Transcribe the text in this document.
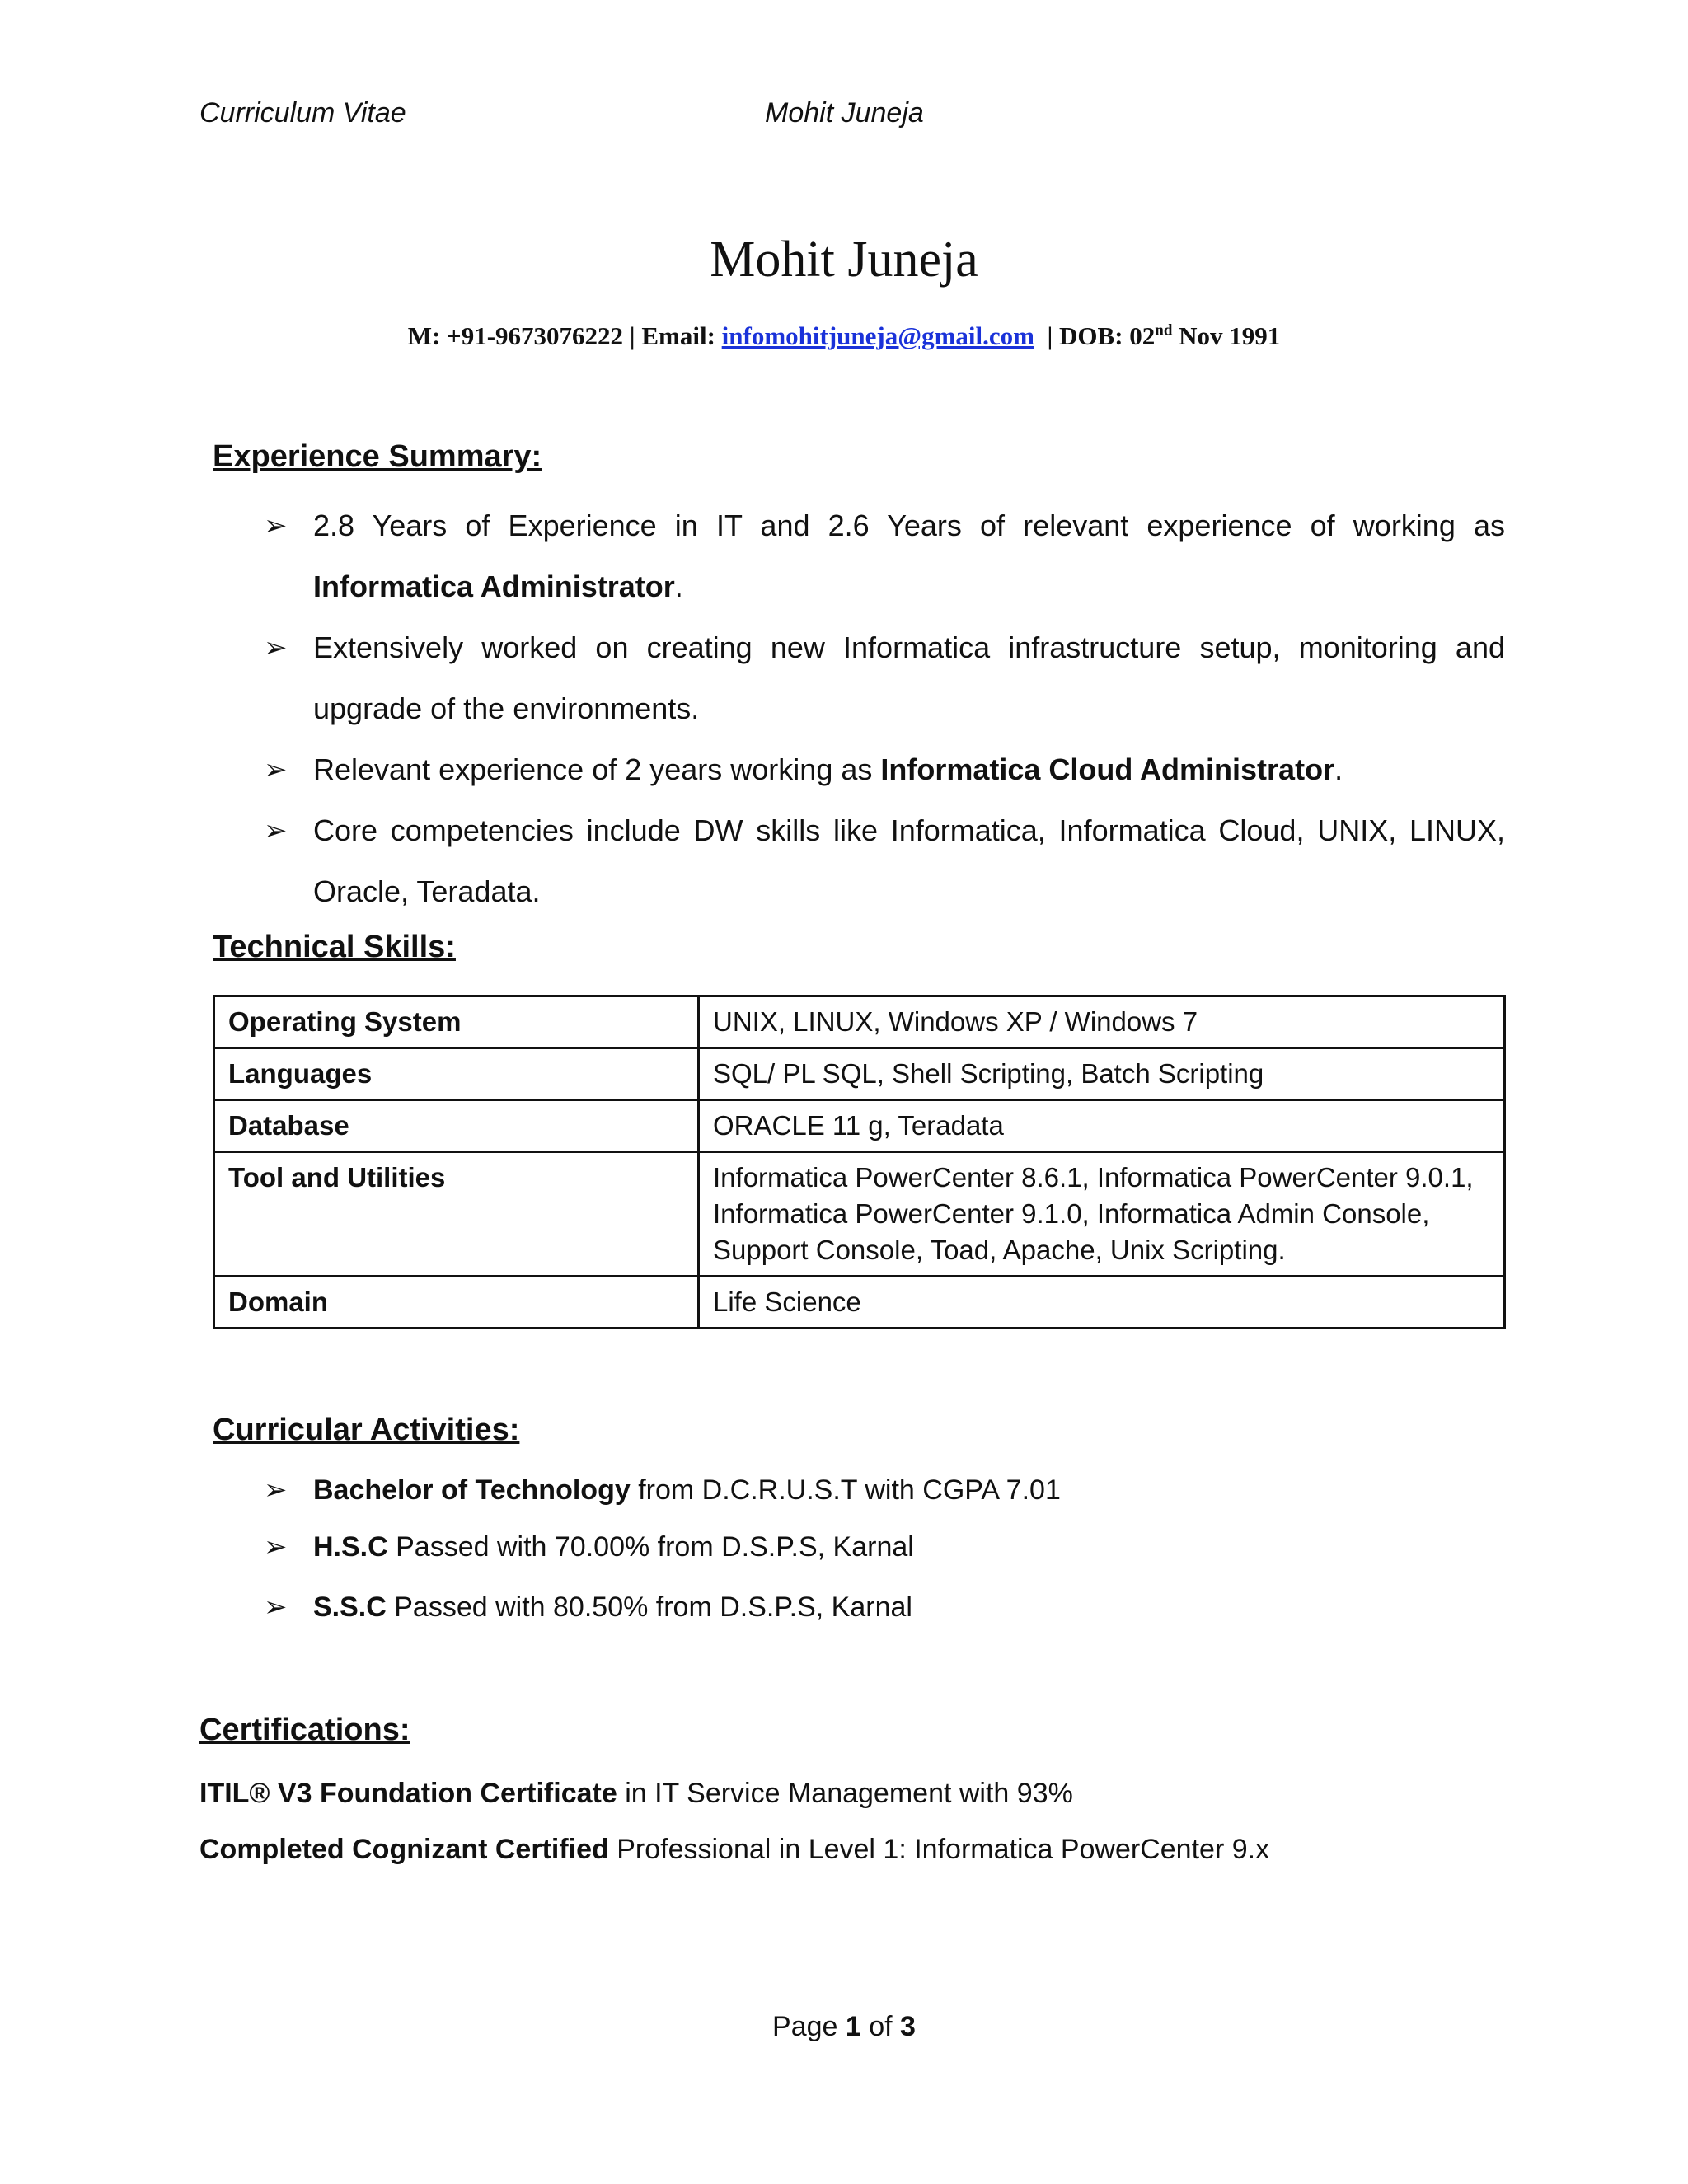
Curriculum Vitae	Mohit Juneja
Mohit Juneja
M: +91-9673076222 | Email: infomohitjuneja@gmail.com  | DOB: 02nd Nov 1991
Experience Summary:
➢ 2.8 Years of Experience in IT and 2.6 Years of relevant experience of working as Informatica Administrator.
➢ Extensively worked on creating new Informatica infrastructure setup, monitoring and upgrade of the environments.
➢ Relevant experience of 2 years working as Informatica Cloud Administrator.
➢ Core competencies include DW skills like Informatica, Informatica Cloud, UNIX, LINUX, Oracle, Teradata.
Technical Skills:
Operating System	UNIX, LINUX, Windows XP / Windows 7
Languages	SQL/ PL SQL, Shell Scripting, Batch Scripting
Database	ORACLE 11 g, Teradata
Tool and Utilities	Informatica PowerCenter 8.6.1, Informatica PowerCenter 9.0.1, Informatica PowerCenter 9.1.0, Informatica Admin Console, Support Console, Toad, Apache, Unix Scripting.
Domain	Life Science
Curricular Activities:
➢ Bachelor of Technology from D.C.R.U.S.T with CGPA 7.01
➢ H.S.C Passed with 70.00% from D.S.P.S, Karnal
➢ S.S.C Passed with 80.50% from D.S.P.S, Karnal
Certifications:
ITIL® V3 Foundation Certificate in IT Service Management with 93%
Completed Cognizant Certified Professional in Level 1: Informatica PowerCenter 9.x
Page 1 of 3
